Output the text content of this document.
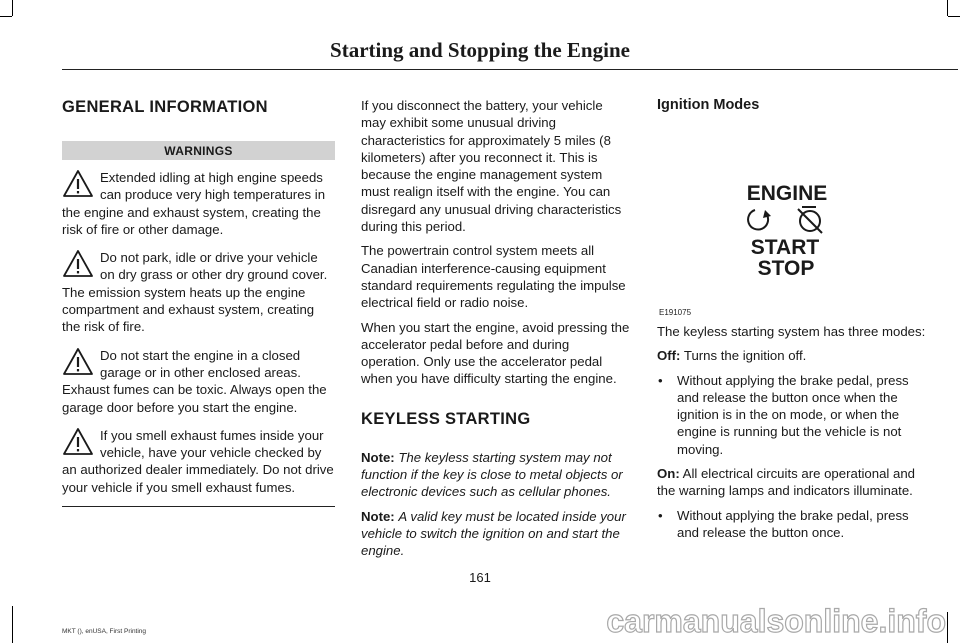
Starting and Stopping the Engine
GENERAL INFORMATION
WARNINGS
Extended idling at high engine speeds can produce very high temperatures in the engine and exhaust system, creating the risk of fire or other damage.
Do not park, idle or drive your vehicle on dry grass or other dry ground cover. The emission system heats up the engine compartment and exhaust system, creating the risk of fire.
Do not start the engine in a closed garage or in other enclosed areas. Exhaust fumes can be toxic. Always open the garage door before you start the engine.
If you smell exhaust fumes inside your vehicle, have your vehicle checked by an authorized dealer immediately. Do not drive your vehicle if you smell exhaust fumes.

If you disconnect the battery, your vehicle may exhibit some unusual driving characteristics for approximately 5 miles (8 kilometers) after you reconnect it. This is because the engine management system must realign itself with the engine. You can disregard any unusual driving characteristics during this period.

The powertrain control system meets all Canadian interference-causing equipment standard requirements regulating the impulse electrical field or radio noise.

When you start the engine, avoid pressing the accelerator pedal before and during operation. Only use the accelerator pedal when you have difficulty starting the engine.

KEYLESS STARTING

Note: The keyless starting system may not function if the key is close to metal objects or electronic devices such as cellular phones.

Note: A valid key must be located inside your vehicle to switch the ignition on and start the engine.

Ignition Modes
ENGINE
START
STOP
E191075

The keyless starting system has three modes:

Off: Turns the ignition off.

• Without applying the brake pedal, press and release the button once when the ignition is in the on mode, or when the engine is running but the vehicle is not moving.

On: All electrical circuits are operational and the warning lamps and indicators illuminate.

• Without applying the brake pedal, press and release the button once.
161
MKT (), enUSA, First Printing	carmanualsonline.info
